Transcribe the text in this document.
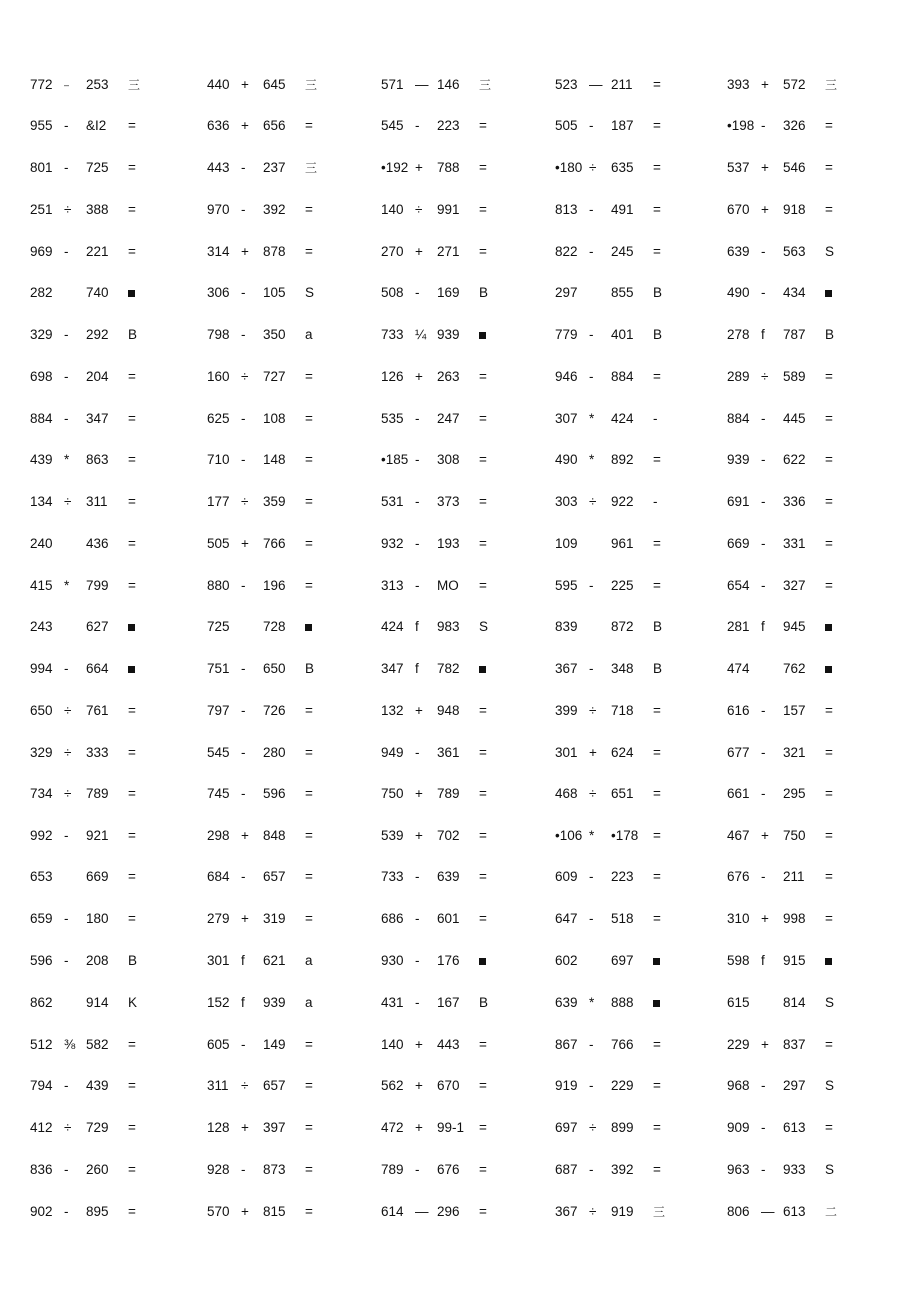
772 – 253 三	440 + 645 三	571 — 146 三	523 — 211 =	393 + 572 三
955 - &I2 =	636 + 656 =	545 - 223 =	505 - 187 =	•198 - 326 =
801 - 725 =	443 - 237 三	•192 + 788 =	•180 ÷ 635 =	537 + 546 =
251 ÷ 388 =	970 - 392 =	140 ÷ 991 =	813 - 491 =	670 + 918 =
969 - 221 =	314 + 878 =	270 + 271 =	822 - 245 =	639 - 563 S
282 740	306 - 105 S	508 - 169 B	297 855 B	490 - 434
329 - 292 B	798 - 350 a	733 ¼ 939	779 - 401 B	278 f 787 B
698 - 204 =	160 ÷ 727 =	126 + 263 =	946 - 884 =	289 ÷ 589 =
884 - 347 =	625 - 108 =	535 - 247 =	307 * 424 -	884 - 445 =
439 * 863 =	710 - 148 =	•185 - 308 =	490 * 892 =	939 - 622 =
134 ÷ 311 =	177 ÷ 359 =	531 - 373 =	303 ÷ 922 -	691 - 336 =
240 436 =	505 + 766 =	932 - 193 =	109 961 =	669 - 331 =
415 * 799 =	880 - 196 =	313 - MO =	595 - 225 =	654 - 327 =
243 627	725 728	424 f 983 S	839 872 B	281 f 945
994 - 664	751 - 650 B	347 f 782	367 - 348 B	474 762
650 ÷ 761 =	797 - 726 =	132 + 948 =	399 ÷ 718 =	616 - 157 =
329 ÷ 333 =	545 - 280 =	949 - 361 =	301 + 624 =	677 - 321 =
734 ÷ 789 =	745 - 596 =	750 + 789 =	468 ÷ 651 =	661 - 295 =
992 - 921 =	298 + 848 =	539 + 702 =	•106 * •178 =	467 + 750 =
653 669 =	684 - 657 =	733 - 639 =	609 - 223 =	676 - 211 =
659 - 180 =	279 + 319 =	686 - 601 =	647 - 518 =	310 + 998 =
596 - 208 B	301 f 621 a	930 - 176	602 697	598 f 915
862 914 K	152 f 939 a	431 - 167 B	639 * 888	615 814 S
512 ⅜ 582 =	605 - 149 =	140 + 443 =	867 - 766 =	229 + 837 =
794 - 439 =	311 ÷ 657 =	562 + 670 =	919 - 229 =	968 - 297 S
412 ÷ 729 =	128 + 397 =	472 + 99-1 =	697 ÷ 899 =	909 - 613 =
836 - 260 =	928 - 873 =	789 - 676 =	687 - 392 =	963 - 933 S
902 - 895 =	570 + 815 =	614 — 296 =	367 ÷ 919 三	806 — 613 二
